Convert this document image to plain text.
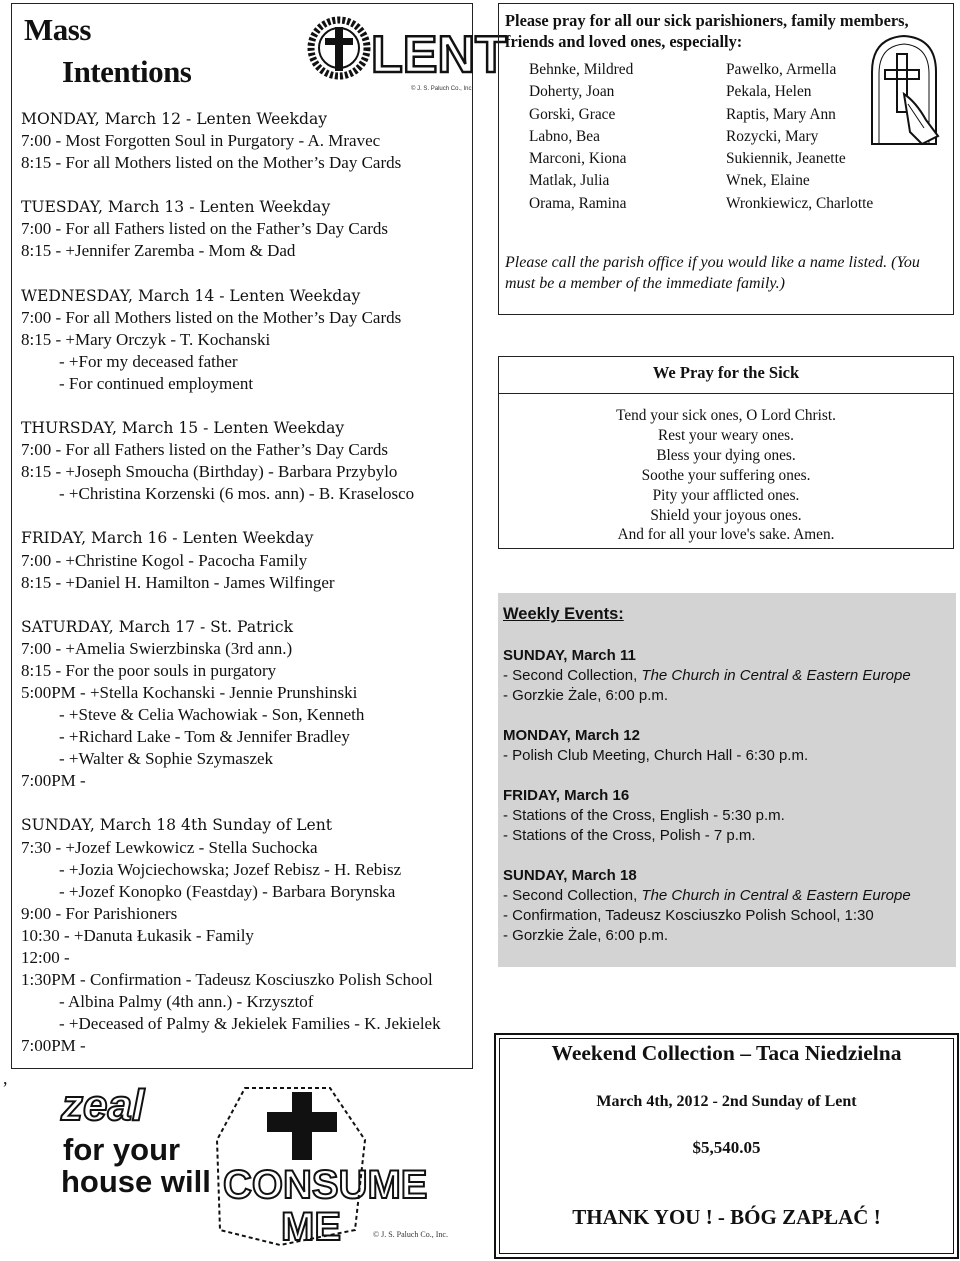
Mass
Intentions	LENT
© J. S. Paluch Co., Inc.
MONDAY, March 12 - Lenten Weekday
7:00 - Most Forgotten Soul in Purgatory - A. Mravec
8:15 - For all Mothers listed on the Mother’s Day Cards
TUESDAY, March 13 - Lenten Weekday
7:00 - For all Fathers listed on the Father’s Day Cards
8:15 - +Jennifer Zaremba - Mom & Dad
WEDNESDAY, March 14 - Lenten Weekday
7:00 - For all Mothers listed on the Mother’s Day Cards
8:15 - +Mary Orczyk - T. Kochanski
- +For my deceased father
- For continued employment
THURSDAY, March 15 - Lenten Weekday
7:00 - For all Fathers listed on the Father’s Day Cards
8:15 - +Joseph Smoucha (Birthday) - Barbara Przybylo
- +Christina Korzenski (6 mos. ann) - B. Kraselosco
FRIDAY, March 16 - Lenten Weekday
7:00 - +Christine Kogol - Pacocha Family
8:15 - +Daniel H. Hamilton - James Wilfinger
SATURDAY, March 17 - St. Patrick
7:00 - +Amelia Swierzbinska (3rd ann.)
8:15 - For the poor souls in purgatory
5:00PM - +Stella Kochanski - Jennie Prunshinski
- +Steve & Celia Wachowiak - Son, Kenneth
- +Richard Lake - Tom & Jennifer Bradley
- +Walter & Sophie Szymaszek
7:00PM -
SUNDAY, March 18 4th Sunday of Lent
7:30 - +Jozef Lewkowicz - Stella Suchocka
- +Jozia Wojciechowska; Jozef Rebisz - H. Rebisz
- +Jozef Konopko (Feastday) - Barbara Borynska
9:00 - For Parishioners
10:30 - +Danuta Łukasik - Family
12:00 -
1:30PM - Confirmation - Tadeusz Kosciuszko Polish School
- Albina Palmy (4th ann.) - Krzysztof
- +Deceased of Palmy & Jekielek Families - K. Jekielek
7:00PM -
,
zeal
for your
house will CONSUME
ME	© J. S. Paluch Co., Inc.
Please pray for all our sick parishioners, family members, friends and loved ones, especially:
Behnke, Mildred
Doherty, Joan
Gorski, Grace
Labno, Bea
Marconi, Kiona
Matlak, Julia
Orama, Ramina
Pawelko, Armella
Pekala, Helen
Raptis, Mary Ann
Rozycki, Mary
Sukiennik, Jeanette
Wnek, Elaine
Wronkiewicz, Charlotte
Please call the parish office if you would like a name listed. (You must be a member of the immediate family.)
We Pray for the Sick
Tend your sick ones, O Lord Christ.
Rest your weary ones.
Bless your dying ones.
Soothe your suffering ones.
Pity your afflicted ones.
Shield your joyous ones.
And for all your love's sake. Amen.
Weekly Events:
SUNDAY, March 11
- Second Collection, The Church in Central & Eastern Europe
- Gorzkie Żale, 6:00 p.m.
MONDAY, March 12
- Polish Club Meeting, Church Hall - 6:30 p.m.
FRIDAY, March 16
- Stations of the Cross, English - 5:30 p.m.
- Stations of the Cross, Polish - 7 p.m.
SUNDAY, March 18
- Second Collection, The Church in Central & Eastern Europe
- Confirmation, Tadeusz Kosciuszko Polish School, 1:30
- Gorzkie Żale, 6:00 p.m.
Weekend Collection – Taca Niedzielna
March 4th, 2012 - 2nd Sunday of Lent
$5,540.05
THANK YOU ! - BÓG ZAPŁAĆ !
